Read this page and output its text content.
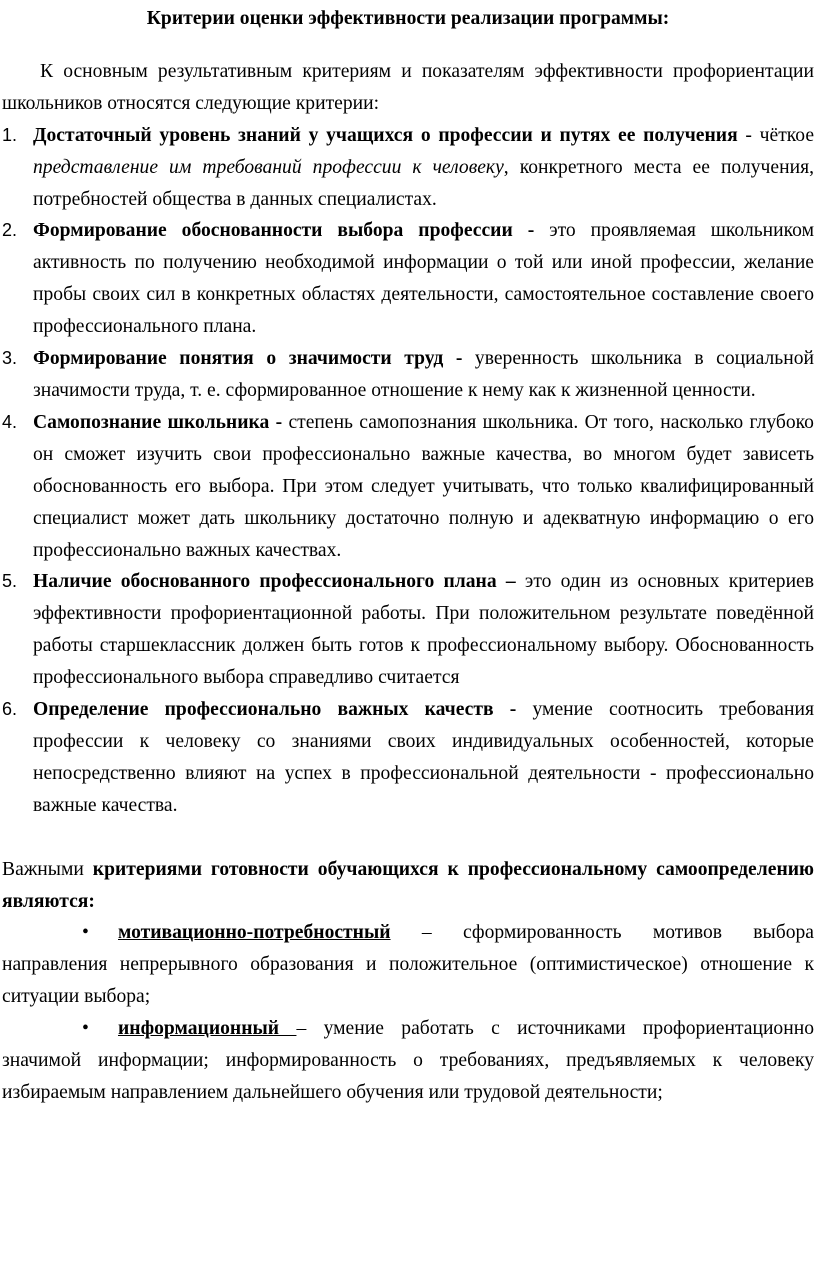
Критерии оценки эффективности реализации программы:

К основным результативным критериям и показателям эффективности профориентации школьников относятся следующие критерии:

1. Достаточный уровень знаний у учащихся о профессии и путях ее получения - чёткое представление им требований профессии к человеку, конкретного места ее получения, потребностей общества в данных специалистах.
2. Формирование обоснованности выбора профессии - это проявляемая школьником активность по получению необходимой информации о той или иной профессии, желание пробы своих сил в конкретных областях деятельности, самостоятельное составление своего профессионального плана.
3. Формирование понятия о значимости труд - уверенность школьника в социальной значимости труда, т. е. сформированное отношение к нему как к жизненной ценности.
4. Самопознание школьника - степень самопознания школьника. От того, насколько глубоко он сможет изучить свои профессионально важные качества, во многом будет зависеть обоснованность его выбора. При этом следует учитывать, что только квалифицированный специалист может дать школьнику достаточно полную и адекватную информацию о его профессионально важных качествах.
5. Наличие обоснованного профессионального плана – это один из основных критериев эффективности профориентационной работы. При положительном результате поведённой работы старшеклассник должен быть готов к профессиональному выбору. Обоснованность профессионального выбора справедливо считается
6. Определение профессионально важных качеств - умение соотносить требования профессии к человеку со знаниями своих индивидуальных особенностей, которые непосредственно влияют на успех в профессиональной деятельности - профессионально важные качества.

Важными критериями готовности обучающихся к профессиональному самоопределению являются:

• мотивационно-потребностный – сформированность мотивов выбора направления непрерывного образования и положительное (оптимистическое) отношение к ситуации выбора;

• информационный – умение работать с источниками профориентационно значимой информации; информированность о требованиях, предъявляемых к человеку избираемым направлением дальнейшего обучения или трудовой деятельности;
